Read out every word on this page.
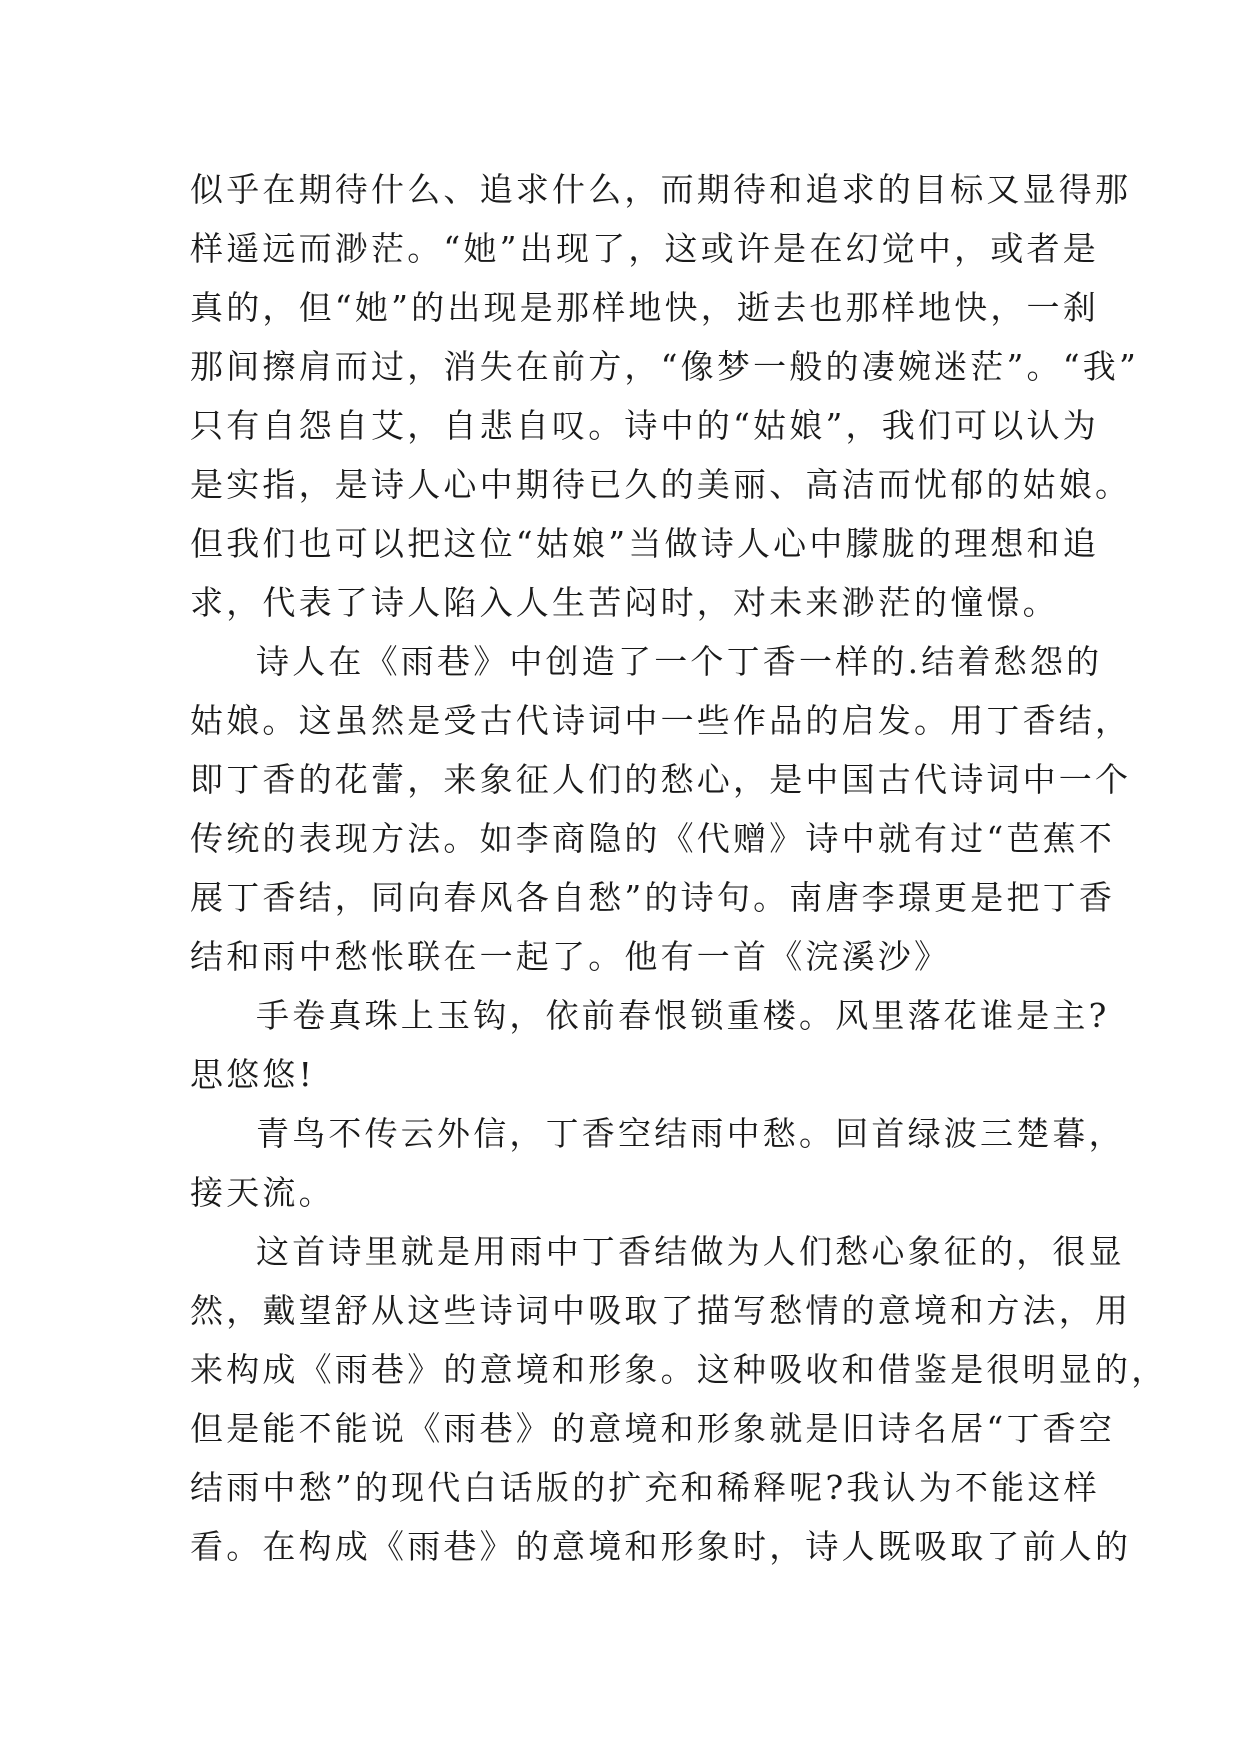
似乎在期待什么、追求什么，而期待和追求的目标又显得那
样遥远而渺茫。“她”出现了，这或许是在幻觉中，或者是
真的，但“她”的出现是那样地快，逝去也那样地快，一刹
那间擦肩而过，消失在前方，“像梦一般的凄婉迷茫”。“我”
只有自怨自艾，自悲自叹。诗中的“姑娘”，我们可以认为
是实指，是诗人心中期待已久的美丽、高洁而忧郁的姑娘。
但我们也可以把这位“姑娘”当做诗人心中朦胧的理想和追
求，代表了诗人陷入人生苦闷时，对未来渺茫的憧憬。
诗人在《雨巷》中创造了一个丁香一样的.结着愁怨的
姑娘。这虽然是受古代诗词中一些作品的启发。用丁香结，
即丁香的花蕾，来象征人们的愁心，是中国古代诗词中一个
传统的表现方法。如李商隐的《代赠》诗中就有过“芭蕉不
展丁香结，同向春风各自愁”的诗句。南唐李璟更是把丁香
结和雨中愁怅联在一起了。他有一首《浣溪沙》
手卷真珠上玉钩，依前春恨锁重楼。风里落花谁是主?
思悠悠!
青鸟不传云外信，丁香空结雨中愁。回首绿波三楚暮，
接天流。
这首诗里就是用雨中丁香结做为人们愁心象征的，很显
然，戴望舒从这些诗词中吸取了描写愁情的意境和方法，用
来构成《雨巷》的意境和形象。这种吸收和借鉴是很明显的，
但是能不能说《雨巷》的意境和形象就是旧诗名居“丁香空
结雨中愁”的现代白话版的扩充和稀释呢?我认为不能这样
看。在构成《雨巷》的意境和形象时，诗人既吸取了前人的
